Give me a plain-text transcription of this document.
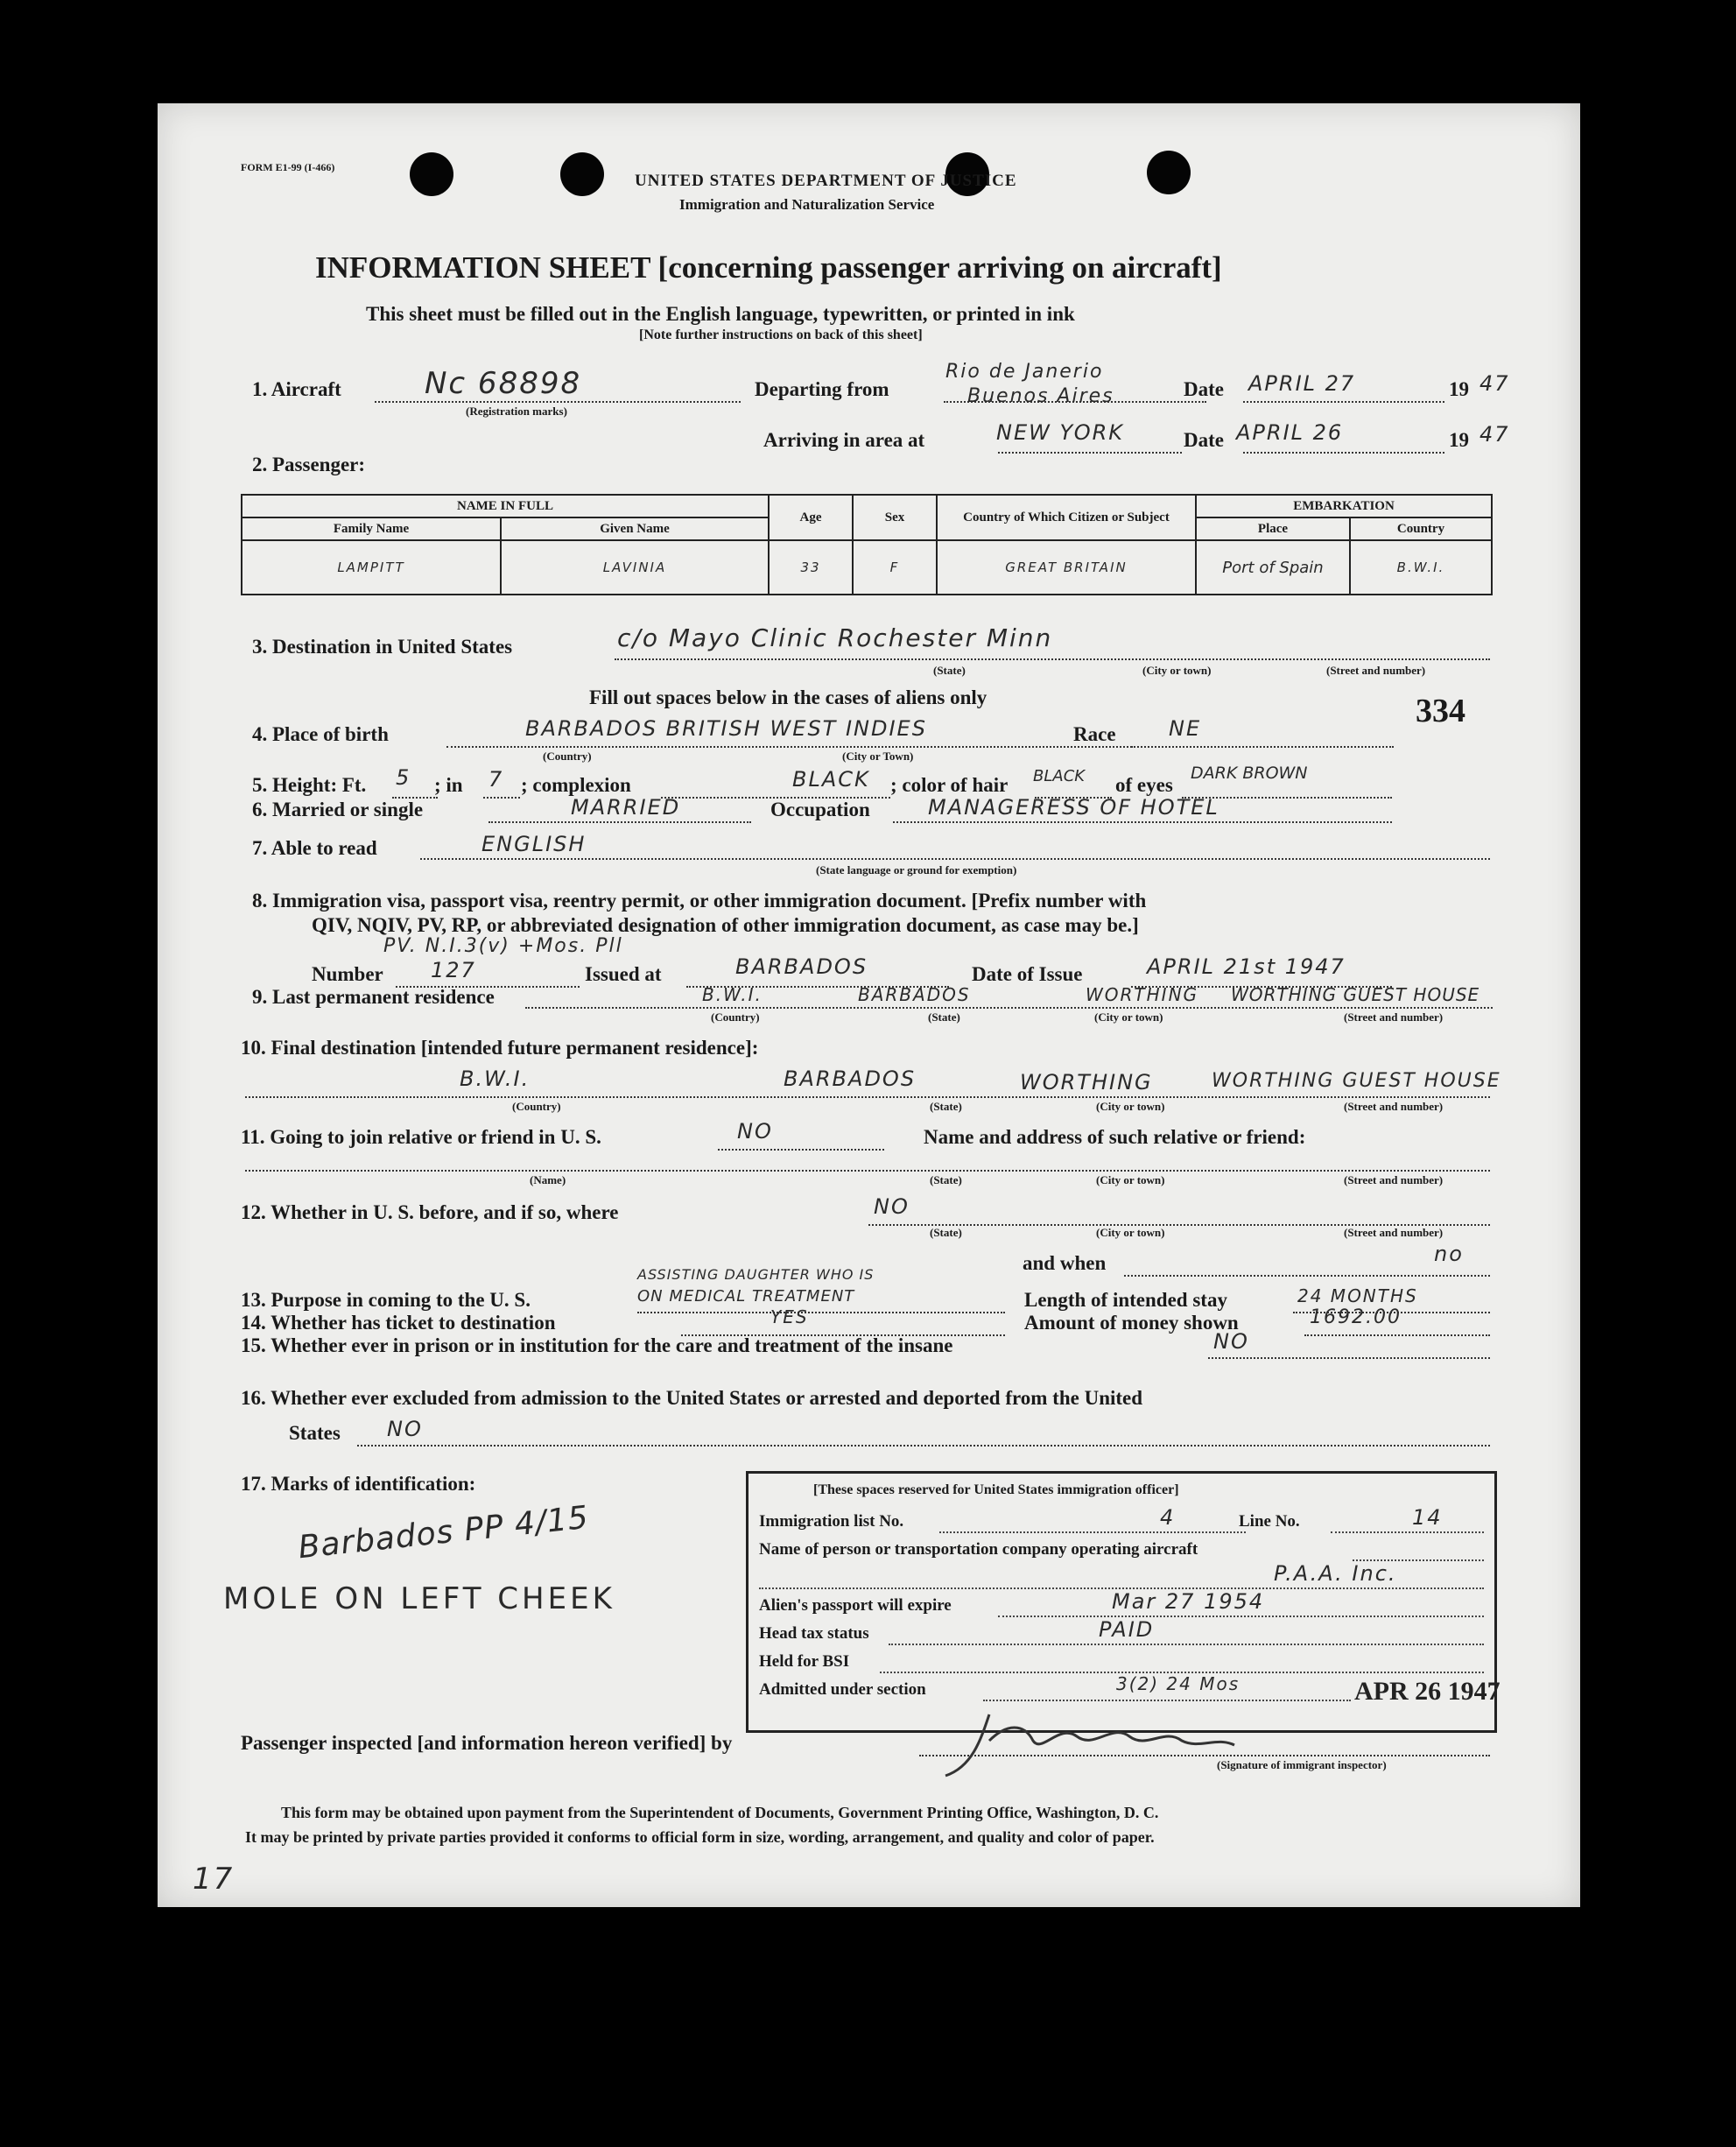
FORM E1-99 (I-466)
UNITED STATES DEPARTMENT OF JUSTICE
Immigration and Naturalization Service
INFORMATION SHEET [concerning passenger arriving on aircraft]
This sheet must be filled out in the English language, typewritten, or printed in ink
[Note further instructions on back of this sheet]
1. Aircraft	Nc 68898
(Registration marks)
Departing from
Rio de Janerio
Buenos Aires	Date APRIL 27	19 47
Arriving in area at	NEW YORK	Date APRIL 26	19 47
2. Passenger:
NAME IN FULL		Age	Sex	Country of Which Citizen or Subject	EMBARKATION	
Family Name	Given Name				Place	Country
LAMPITT	LAVINIA	33	F	GREAT BRITAIN	Port of Spain	B.W.I.
3. Destination in United States	c/o Mayo Clinic Rochester Minn
(State)	(City or town)	(Street and number)
Fill out spaces below in the cases of aliens only	334
4. Place of birth	BARBADOS BRITISH WEST INDIES
(Country)	(City or Town)
Race	NE
5. Height: Ft. 5 ; in 7 ; complexion	BLACK ; color of hair BLACK of eyes
DARK BROWN
6. Married or single	MARRIED	Occupation	MANAGERESS OF HOTEL
7. Able to read	ENGLISH
(State language or ground for exemption)
8. Immigration visa, passport visa, reentry permit, or other immigration document. [Prefix number with
QIV, NQIV, PV, RP, or abbreviated designation of other immigration document, as case may be.]
PV. N.I.3(v) +Mos. Pll
Number 127	Issued at	BARBADOS	Date of Issue	APRIL 21st 1947
9. Last permanent residence	B.W.I.	BARBADOS	WORTHING WORTHING GUEST HOUSE
(Country)	(State)	(City or town)	(Street and number)
10. Final destination [intended future permanent residence]:
B.W.I.	BARBADOS	WORTHING	WORTHING GUEST HOUSE
(Country)	(State)	(City or town)	(Street and number)
11. Going to join relative or friend in U. S.	NO	Name and address of such relative or friend:
(Name)	(State)	(City or town)	(Street and number)
12. Whether in U. S. before, and if so, where	NO
(State)	(City or town)	(Street and number)
and when	no
ASSISTING DAUGHTER WHO IS
13. Purpose in coming to the U. S.	ON MEDICAL TREATMENT	Length of intended stay	24 MONTHS
14. Whether has ticket to destination	YES	Amount of money shown	1692.00
15. Whether ever in prison or in institution for the care and treatment of the insane	NO
16. Whether ever excluded from admission to the United States or arrested and deported from the United
States NO
17. Marks of identification:
Barbados PP 4/15
MOLE ON LEFT CHEEK
[These spaces reserved for United States immigration officer]
Immigration list No.	4	Line No.	14
Name of person or transportation company operating aircraft
P.A.A. Inc.
Alien's passport will expire	Mar 27 1954
Head tax status	PAID
Held for BSI
Admitted under section	3(2) 24 Mos	APR 26 1947
Passenger inspected [and information hereon verified] by
(Signature of immigrant inspector)
This form may be obtained upon payment from the Superintendent of Documents, Government Printing Office, Washington, D. C.
It may be printed by private parties provided it conforms to official form in size, wording, arrangement, and quality and color of paper.
17
